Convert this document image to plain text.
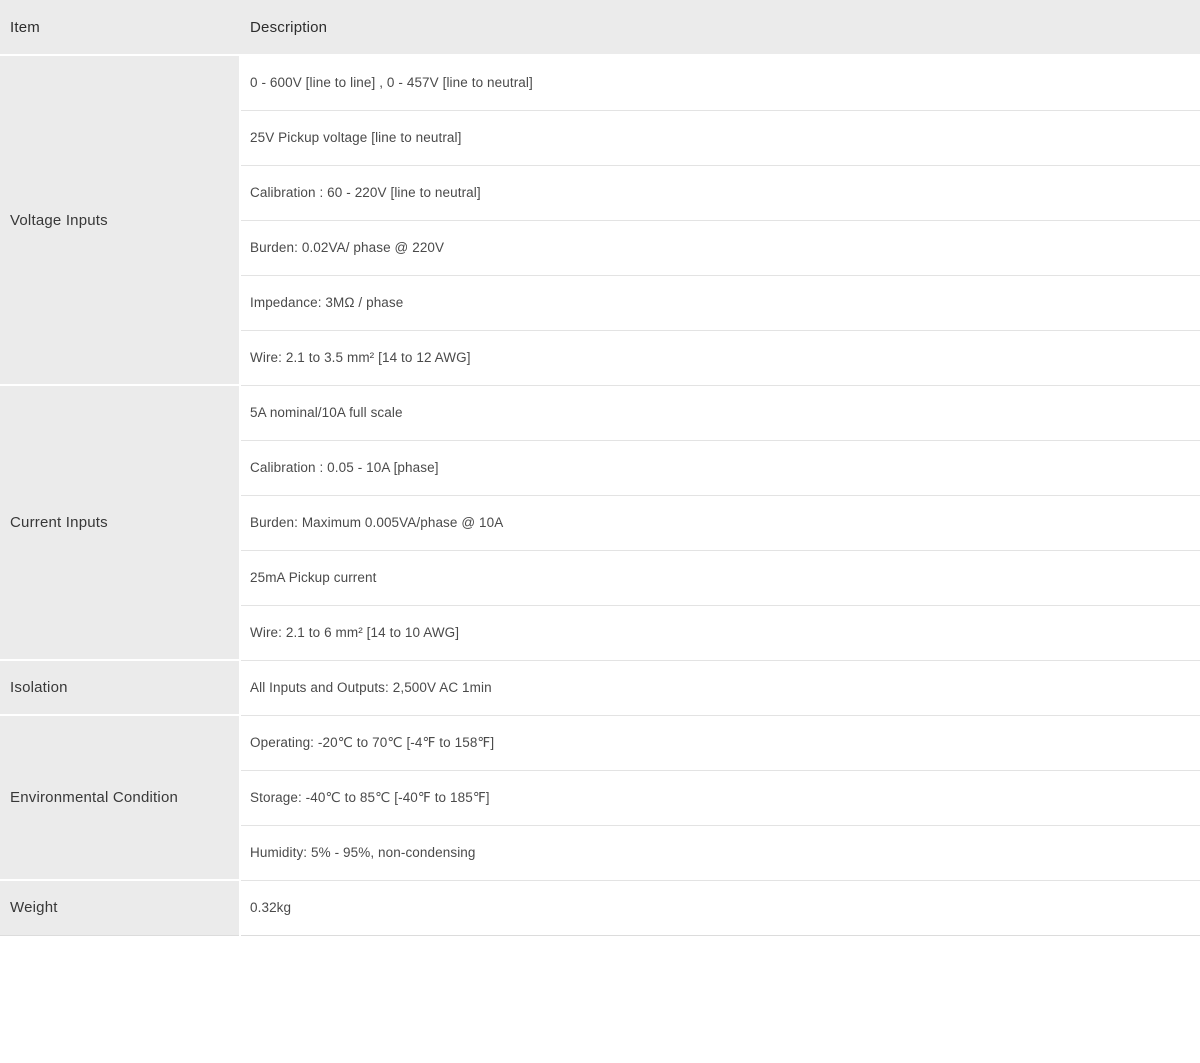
Item	Description
Voltage Inputs	0 - 600V [line to line] , 0 - 457V [line to neutral]
	25V Pickup voltage [line to neutral]
	Calibration : 60 - 220V [line to neutral]
	Burden: 0.02VA/ phase @ 220V
	Impedance: 3MΩ / phase
	Wire: 2.1 to 3.5 mm² [14 to 12 AWG]
Current Inputs	5A nominal/10A full scale
	Calibration : 0.05 - 10A [phase]
	Burden: Maximum 0.005VA/phase @ 10A
	25mA Pickup current
	Wire: 2.1 to 6 mm² [14 to 10 AWG]
Isolation	All Inputs and Outputs: 2,500V AC 1min
Environmental Condition	Operating: -20℃ to 70℃ [-4℉ to 158℉]
	Storage: -40℃ to 85℃ [-40℉ to 185℉]
	Humidity: 5% - 95%, non-condensing
Weight	0.32kg
